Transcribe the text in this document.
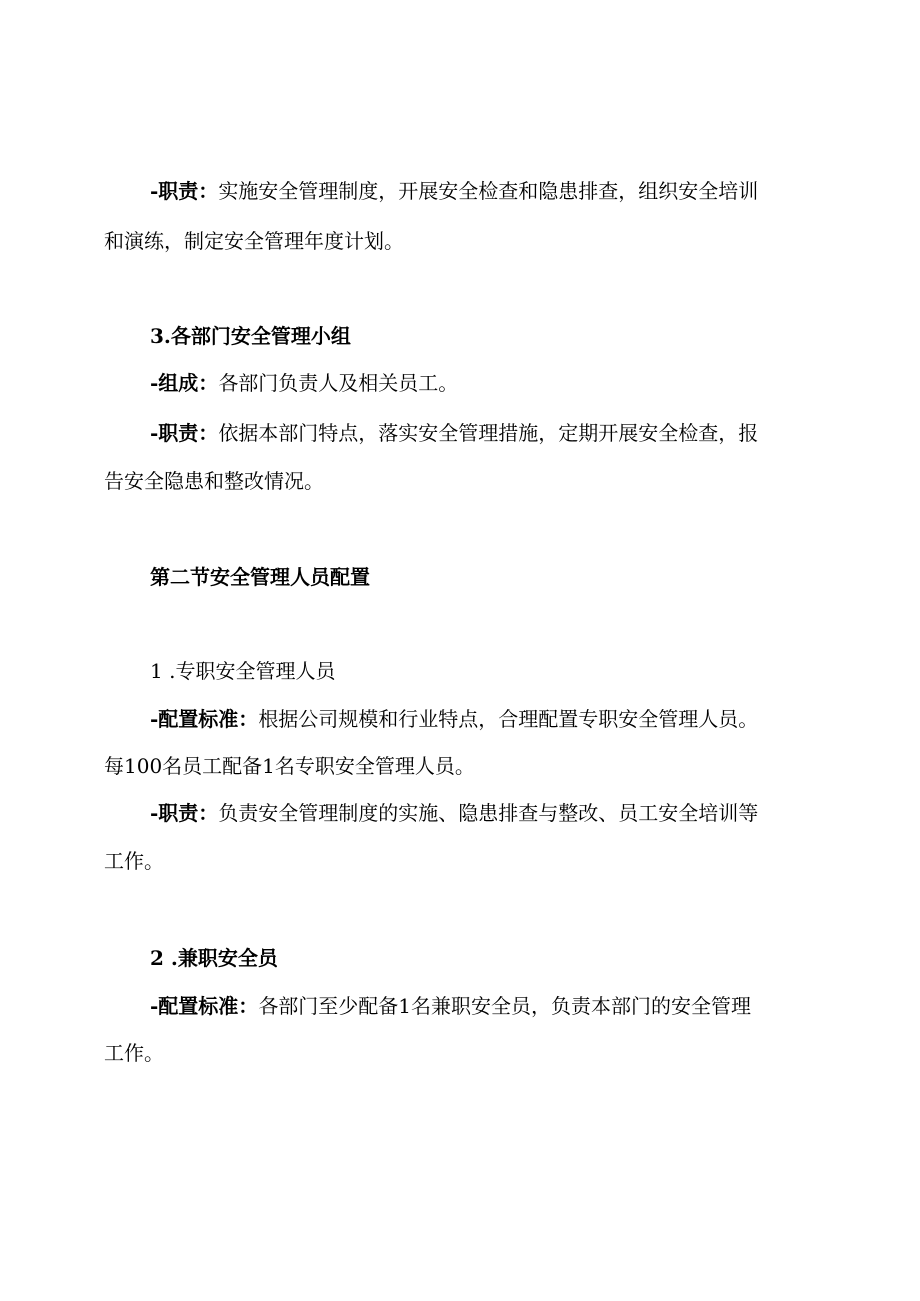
-职责：实施安全管理制度，开展安全检查和隐患排查，组织安全培训
和演练，制定安全管理年度计划。
3.各部门安全管理小组
-组成：各部门负责人及相关员工。
-职责：依据本部门特点，落实安全管理措施，定期开展安全检查，报
告安全隐患和整改情况。
第二节安全管理人员配置
1 .专职安全管理人员
-配置标准：根据公司规模和行业特点，合理配置专职安全管理人员。
每100名员工配备1名专职安全管理人员。
-职责：负责安全管理制度的实施、隐患排查与整改、员工安全培训等
工作。
2 .兼职安全员
-配置标准：各部门至少配备1名兼职安全员，负责本部门的安全管理
工作。
